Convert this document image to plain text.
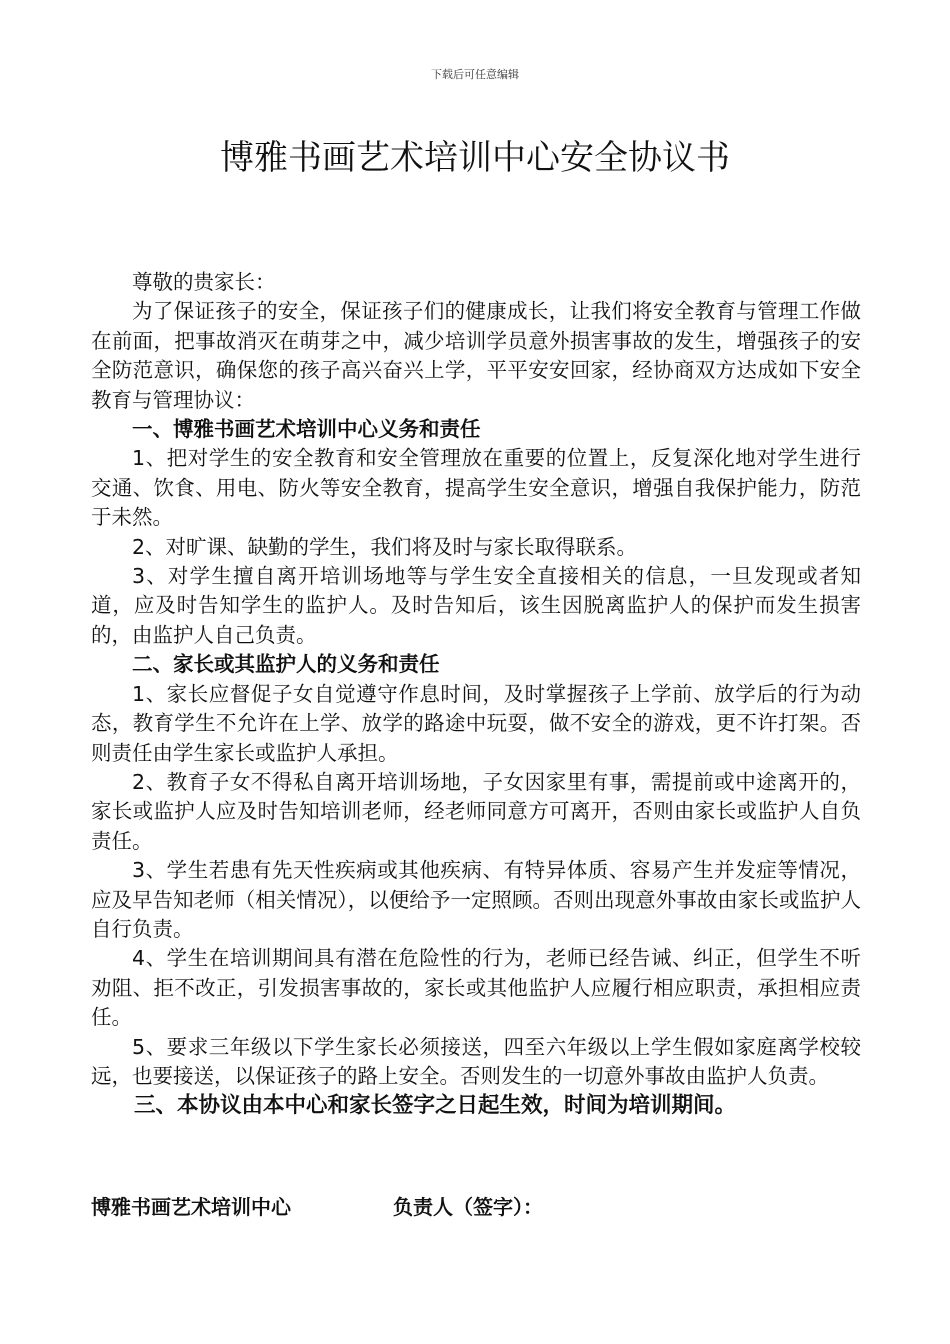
下载后可任意编辑
博雅书画艺术培训中心安全协议书

尊敬的贵家长：

为了保证孩子的安全，保证孩子们的健康成长，让我们将安全教育与管理工作做在前面，把事故消灭在萌芽之中，减少培训学员意外损害事故的发生，增强孩子的安全防范意识，确保您的孩子高兴奋兴上学，平平安安回家，经协商双方达成如下安全教育与管理协议：

一、博雅书画艺术培训中心义务和责任

1、把对学生的安全教育和安全管理放在重要的位置上，反复深化地对学生进行交通、饮食、用电、防火等安全教育，提高学生安全意识，增强自我保护能力，防范于未然。

2、对旷课、缺勤的学生，我们将及时与家长取得联系。

3、对学生擅自离开培训场地等与学生安全直接相关的信息，一旦发现或者知道，应及时告知学生的监护人。及时告知后，该生因脱离监护人的保护而发生损害的，由监护人自己负责。

二、家长或其监护人的义务和责任

1、家长应督促子女自觉遵守作息时间，及时掌握孩子上学前、放学后的行为动态，教育学生不允许在上学、放学的路途中玩耍，做不安全的游戏，更不许打架。否则责任由学生家长或监护人承担。

2、教育子女不得私自离开培训场地，子女因家里有事，需提前或中途离开的，家长或监护人应及时告知培训老师，经老师同意方可离开，否则由家长或监护人自负责任。

3、学生若患有先天性疾病或其他疾病、有特异体质、容易产生并发症等情况，应及早告知老师（相关情况），以便给予一定照顾。否则出现意外事故由家长或监护人自行负责。

4、学生在培训期间具有潜在危险性的行为，老师已经告诫、纠正，但学生不听劝阻、拒不改正，引发损害事故的，家长或其他监护人应履行相应职责，承担相应责任。

5、要求三年级以下学生家长必须接送，四至六年级以上学生假如家庭离学校较远，也要接送，以保证孩子的路上安全。否则发生的一切意外事故由监护人负责。

三、本协议由本中心和家长签字之日起生效，时间为培训期间。

博雅书画艺术培训中心	负责人（签字）：
